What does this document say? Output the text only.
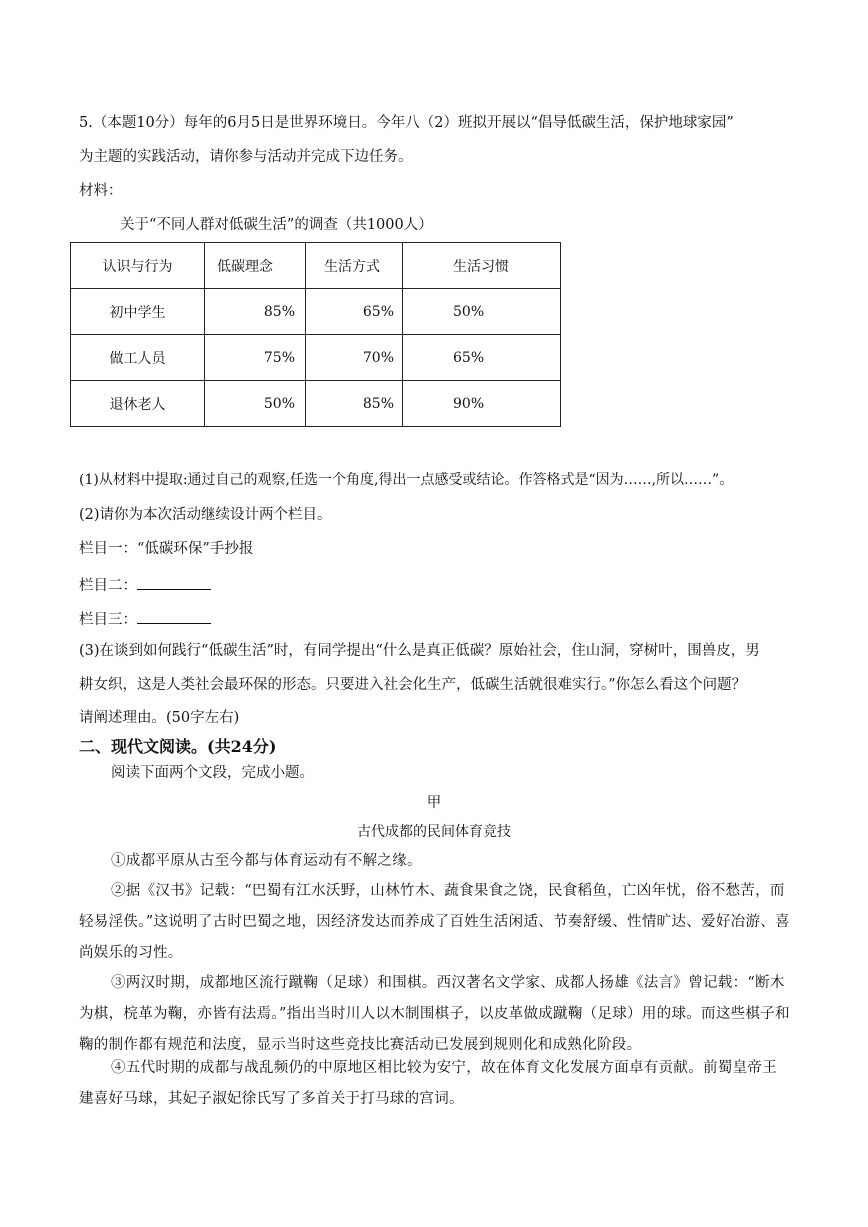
5.（本题10分）每年的6月5日是世界环境日。今年八（2）班拟开展以“倡导低碳生活，保护地球家园”
为主题的实践活动，请你参与活动并完成下边任务。
材料：
关于“不同人群对低碳生活”的调查（共1000人）
认识与行为	低碳理念	生活方式	生活习惯
初中学生	85%	65%	50%
做工人员	75%	70%	65%
退休老人	50%	85%	90%
(1)从材料中提取:通过自己的观察,任选一个角度,得出一点感受或结论。作答格式是“因为……,所以……”。
(2)请你为本次活动继续设计两个栏目。
栏目一：“低碳环保”手抄报
栏目二：
栏目三：
(3)在谈到如何践行“低碳生活”时，有同学提出“什么是真正低碳？原始社会，住山洞，穿树叶，围兽皮，男
耕女织，这是人类社会最环保的形态。只要进入社会化生产，低碳生活就很难实行。”你怎么看这个问题？
请阐述理由。(50字左右)
二、现代文阅读。(共24分)
阅读下面两个文段，完成小题。
甲
古代成都的民间体育竞技
①成都平原从古至今都与体育运动有不解之缘。
②据《汉书》记载：“巴蜀有江水沃野，山林竹木、蔬食果食之饶，民食稻鱼，亡凶年忧，俗不愁苦，而轻易淫佚。”这说明了古时巴蜀之地，因经济发达而养成了百姓生活闲适、节奏舒缓、性情旷达、爱好冶游、喜尚娱乐的习性。
③两汉时期，成都地区流行蹴鞠（足球）和围棋。西汉著名文学家、成都人扬雄《法言》曾记载：“断木为棋，梡革为鞠，亦皆有法焉。”指出当时川人以木制围棋子，以皮革做成蹴鞠（足球）用的球。而这些棋子和鞠的制作都有规范和法度，显示当时这些竞技比赛活动已发展到规则化和成熟化阶段。
④五代时期的成都与战乱频仍的中原地区相比较为安宁，故在体育文化发展方面卓有贡献。前蜀皇帝王建喜好马球，其妃子淑妃徐氏写了多首关于打马球的宫词。
